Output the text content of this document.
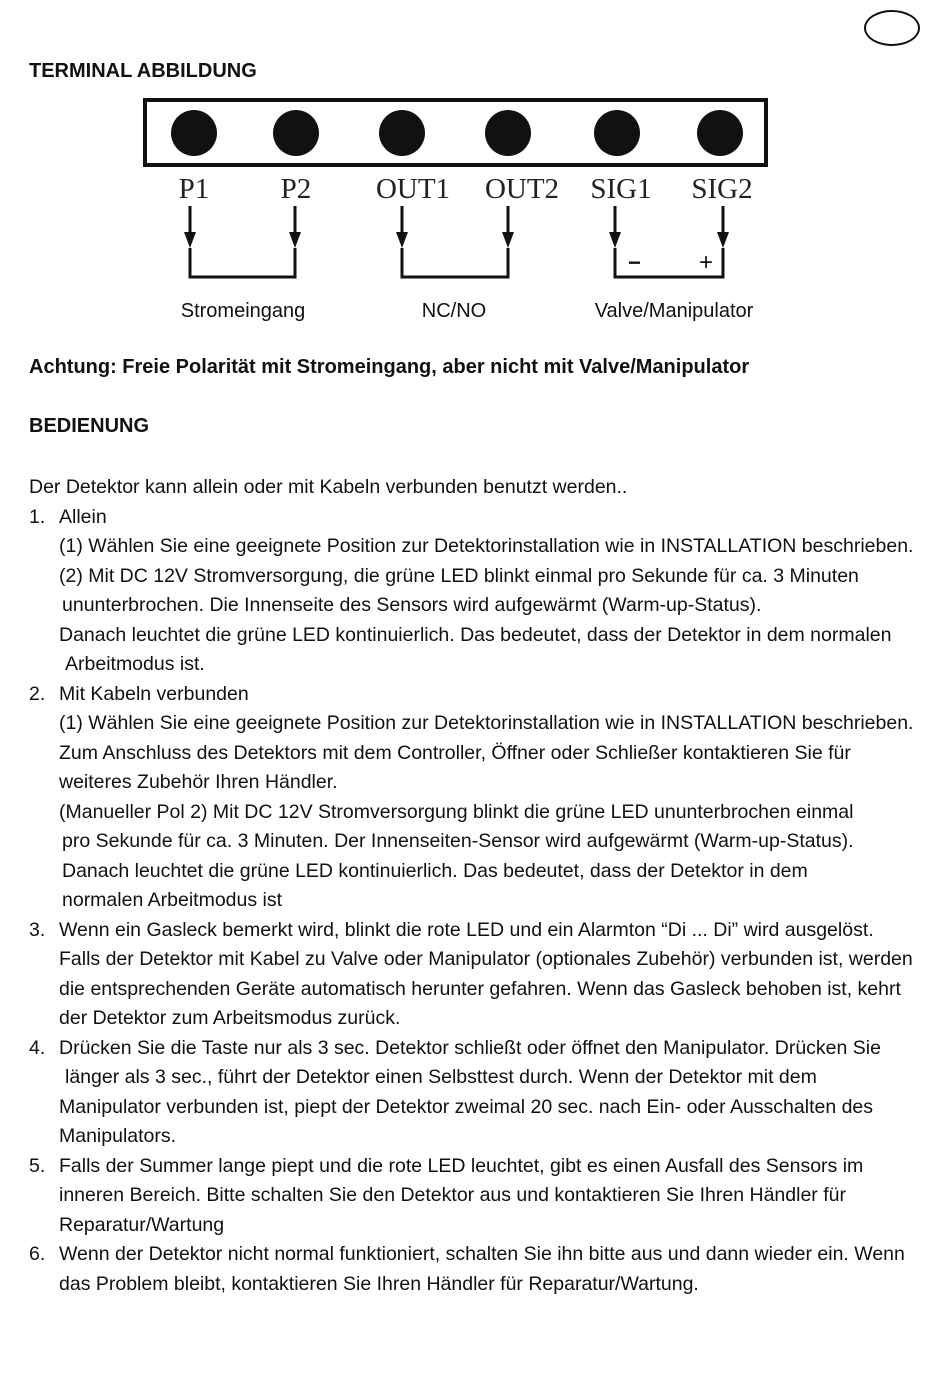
TERMINAL ABBILDUNG
P1 P2 OUT1 OUT2 SIG1 SIG2
− +
Stromeingang	NC/NO	Valve/Manipulator

Achtung: Freie Polarität mit Stromeingang, aber nicht mit Valve/Manipulator

BEDIENUNG
Der Detektor kann allein oder mit Kabeln verbunden benutzt werden..
1. Allein
(1) Wählen Sie eine geeignete Position zur Detektorinstallation wie in INSTALLATION beschrieben.
(2) Mit DC 12V Stromversorgung, die grüne LED blinkt einmal pro Sekunde für ca. 3 Minuten
ununterbrochen. Die Innenseite des Sensors wird aufgewärmt (Warm-up-Status).
Danach leuchtet die grüne LED kontinuierlich. Das bedeutet, dass der Detektor in dem normalen
Arbeitmodus ist.
2. Mit Kabeln verbunden
(1) Wählen Sie eine geeignete Position zur Detektorinstallation wie in INSTALLATION beschrieben.
Zum Anschluss des Detektors mit dem Controller, Öffner oder Schließer kontaktieren Sie für
weiteres Zubehör Ihren Händler.
(Manueller Pol 2) Mit DC 12V Stromversorgung blinkt die grüne LED ununterbrochen einmal
pro Sekunde für ca. 3 Minuten. Der Innenseiten-Sensor wird aufgewärmt (Warm-up-Status).
Danach leuchtet die grüne LED kontinuierlich. Das bedeutet, dass der Detektor in dem
normalen Arbeitmodus ist
3. Wenn ein Gasleck bemerkt wird, blinkt die rote LED und ein Alarmton “Di ... Di” wird ausgelöst.
Falls der Detektor mit Kabel zu Valve oder Manipulator (optionales Zubehör) verbunden ist, werden
die entsprechenden Geräte automatisch herunter gefahren. Wenn das Gasleck behoben ist, kehrt
der Detektor zum Arbeitsmodus zurück.
4. Drücken Sie die Taste nur als 3 sec. Detektor schließt oder öffnet den Manipulator. Drücken Sie
länger als 3 sec., führt der Detektor einen Selbsttest durch. Wenn der Detektor mit dem
Manipulator verbunden ist, piept der Detektor zweimal 20 sec. nach Ein- oder Ausschalten des
Manipulators.
5. Falls der Summer lange piept und die rote LED leuchtet, gibt es einen Ausfall des Sensors im
inneren Bereich. Bitte schalten Sie den Detektor aus und kontaktieren Sie Ihren Händler für
Reparatur/Wartung
6. Wenn der Detektor nicht normal funktioniert, schalten Sie ihn bitte aus und dann wieder ein. Wenn
das Problem bleibt, kontaktieren Sie Ihren Händler für Reparatur/Wartung.
